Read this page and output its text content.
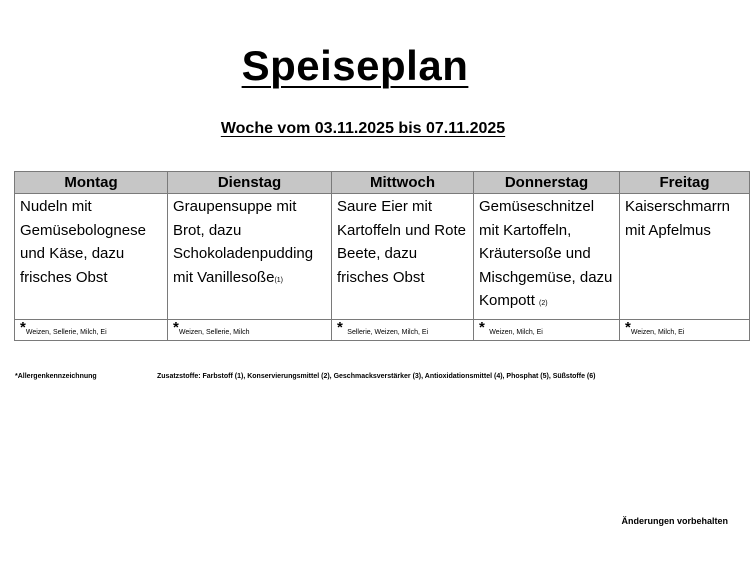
Speiseplan
Woche vom 03.11.2025 bis 07.11.2025
Montag	Dienstag	Mittwoch	Donnerstag	Freitag
Nudeln mit Gemüsebolognese und Käse, dazu frisches Obst	Graupensuppe mit Brot, dazu Schokoladenpudding mit Vanillesoße(1)	Saure Eier mit Kartoffeln und Rote Beete, dazu frisches Obst	Gemüseschnitzel mit Kartoffeln, Kräutersoße und Mischgemüse, dazu Kompott (2)	Kaiserschmarrn mit Apfelmus
*Weizen, Sellerie, Milch, Ei	*Weizen, Sellerie, Milch	* Sellerie, Weizen, Milch, Ei	* Weizen, Milch, Ei	*Weizen, Milch, Ei
*Allergenkennzeichnung	Zusatzstoffe: Farbstoff (1), Konservierungsmittel (2), Geschmacksverstärker (3), Antioxidationsmittel (4), Phosphat (5), Süßstoffe (6)
Änderungen vorbehalten
